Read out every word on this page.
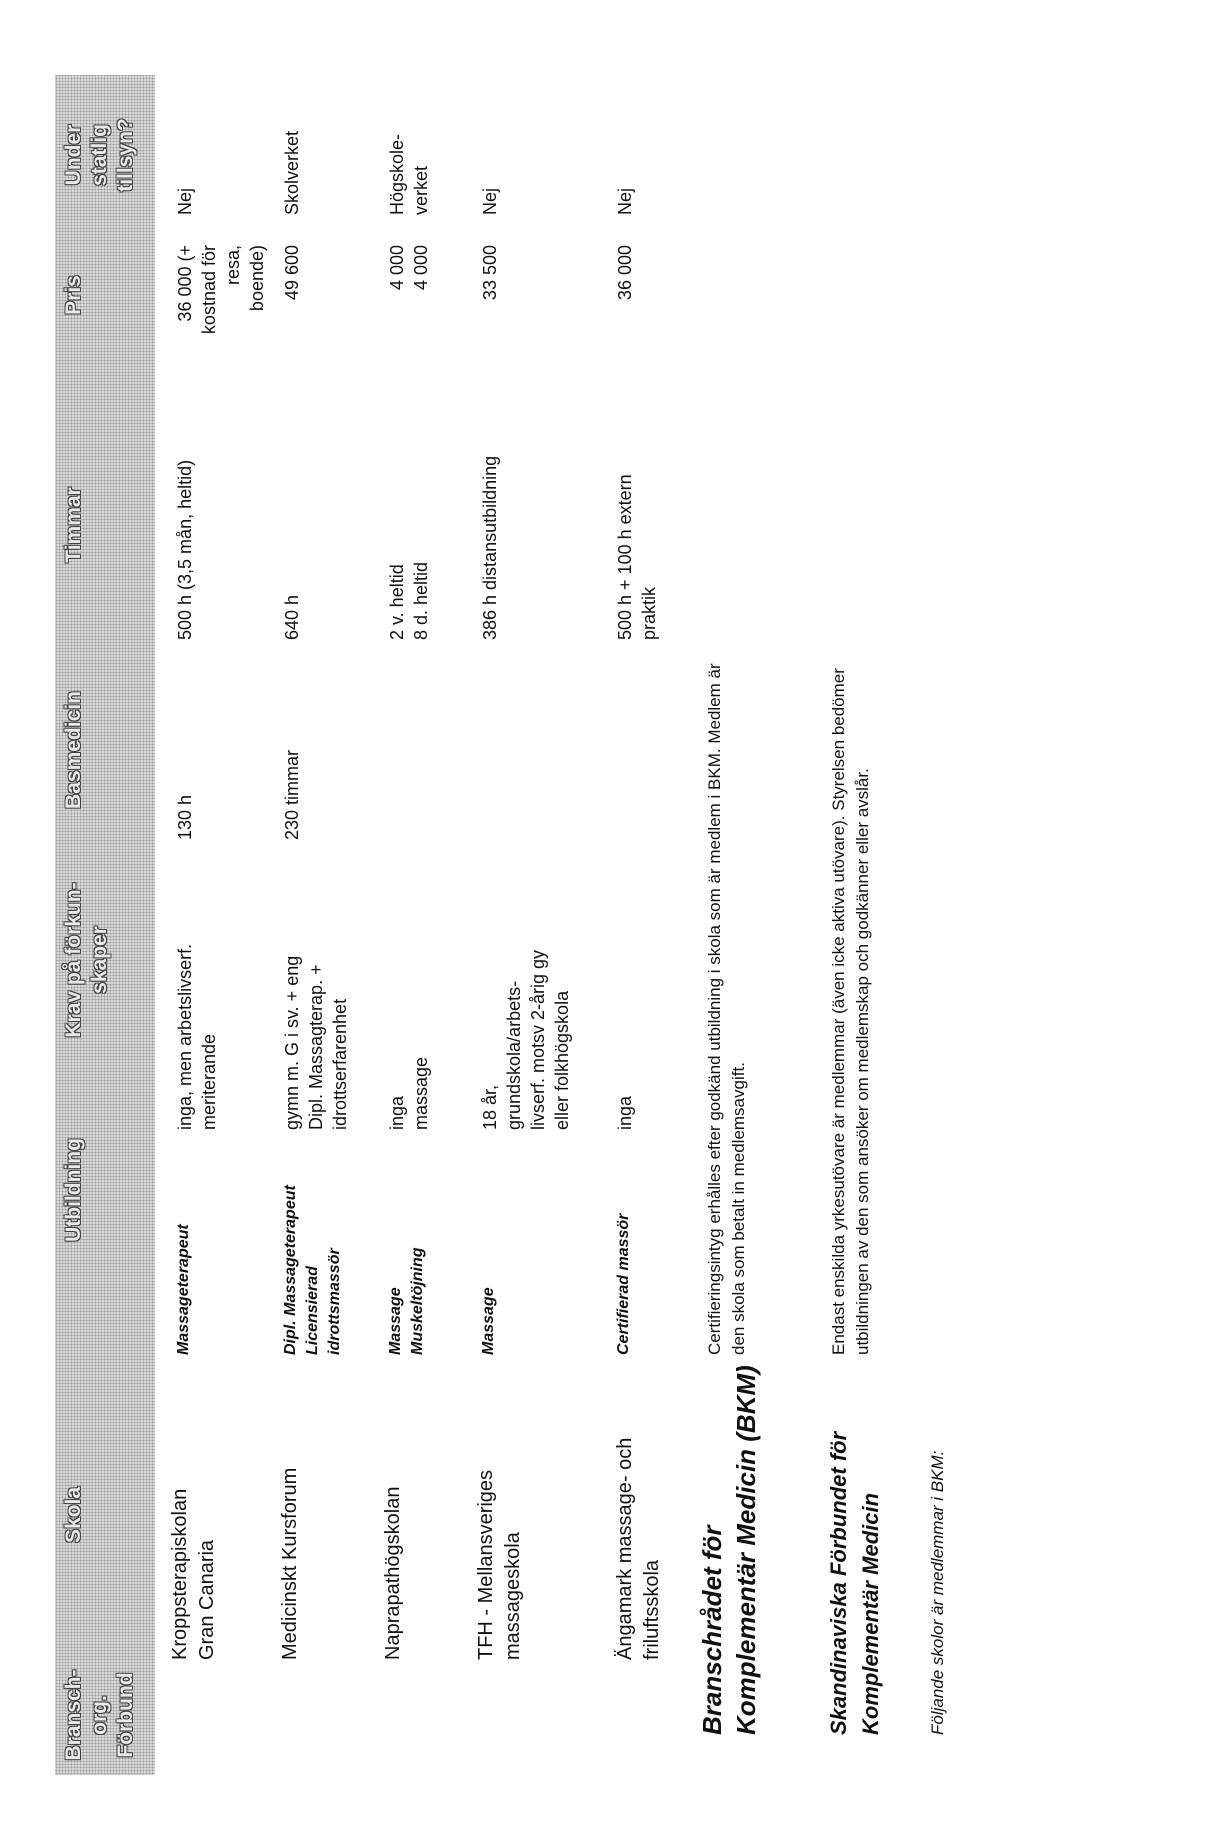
Bransch-
org.
Förbund
Skola
Utbildning
Krav på förkun-
skaper
Basmedicin
Timmar
Pris
Under
statlig
tillsyn?
Kroppsterapiskolan
Gran Canaria
Massageterapeut
inga, men arbetslivserf.
meriterande
130 h
500 h (3,5 mån, heltid)
36 000 (+
kostnad för
resa,
boende)
Nej
Medicinskt Kursforum
Dipl. Massageterapeut
Licensierad
idrottsmassör
gymn m. G i sv. + eng
Dipl. Massagterap. +
idrottserfarenhet
230 timmar
640 h
49 600
Skolverket
Naprapathögskolan
Massage
Muskeltöjning
inga
massage
2 v. heltid
8 d. heltid
4 000
4 000
Högskole-
verket
TFH - Mellansveriges
massageskola
Massage
18 år,
grundskola/arbets-
livserf. motsv 2-årig gy
eller folkhögskola
386 h distansutbildning
33 500
Nej
Ängamark massage- och
friluftsskola
Certifierad massör
inga
500 h + 100 h extern
praktik
36 000
Nej
Branschrådet för
Komplementär Medicin (BKM)
Certifieringsintyg erhålles efter godkänd utbildning i skola som är medlem i BKM. Medlem är den skola som betalt in medlemsavgift.
Skandinaviska Förbundet för
Komplementär Medicin
Endast enskilda yrkesutövare är medlemmar (även icke aktiva utövare). Styrelsen bedömer utbildningen av den som ansöker om medlemskap och godkänner eller avslår.
Följande skolor är medlemmar i BKM:
